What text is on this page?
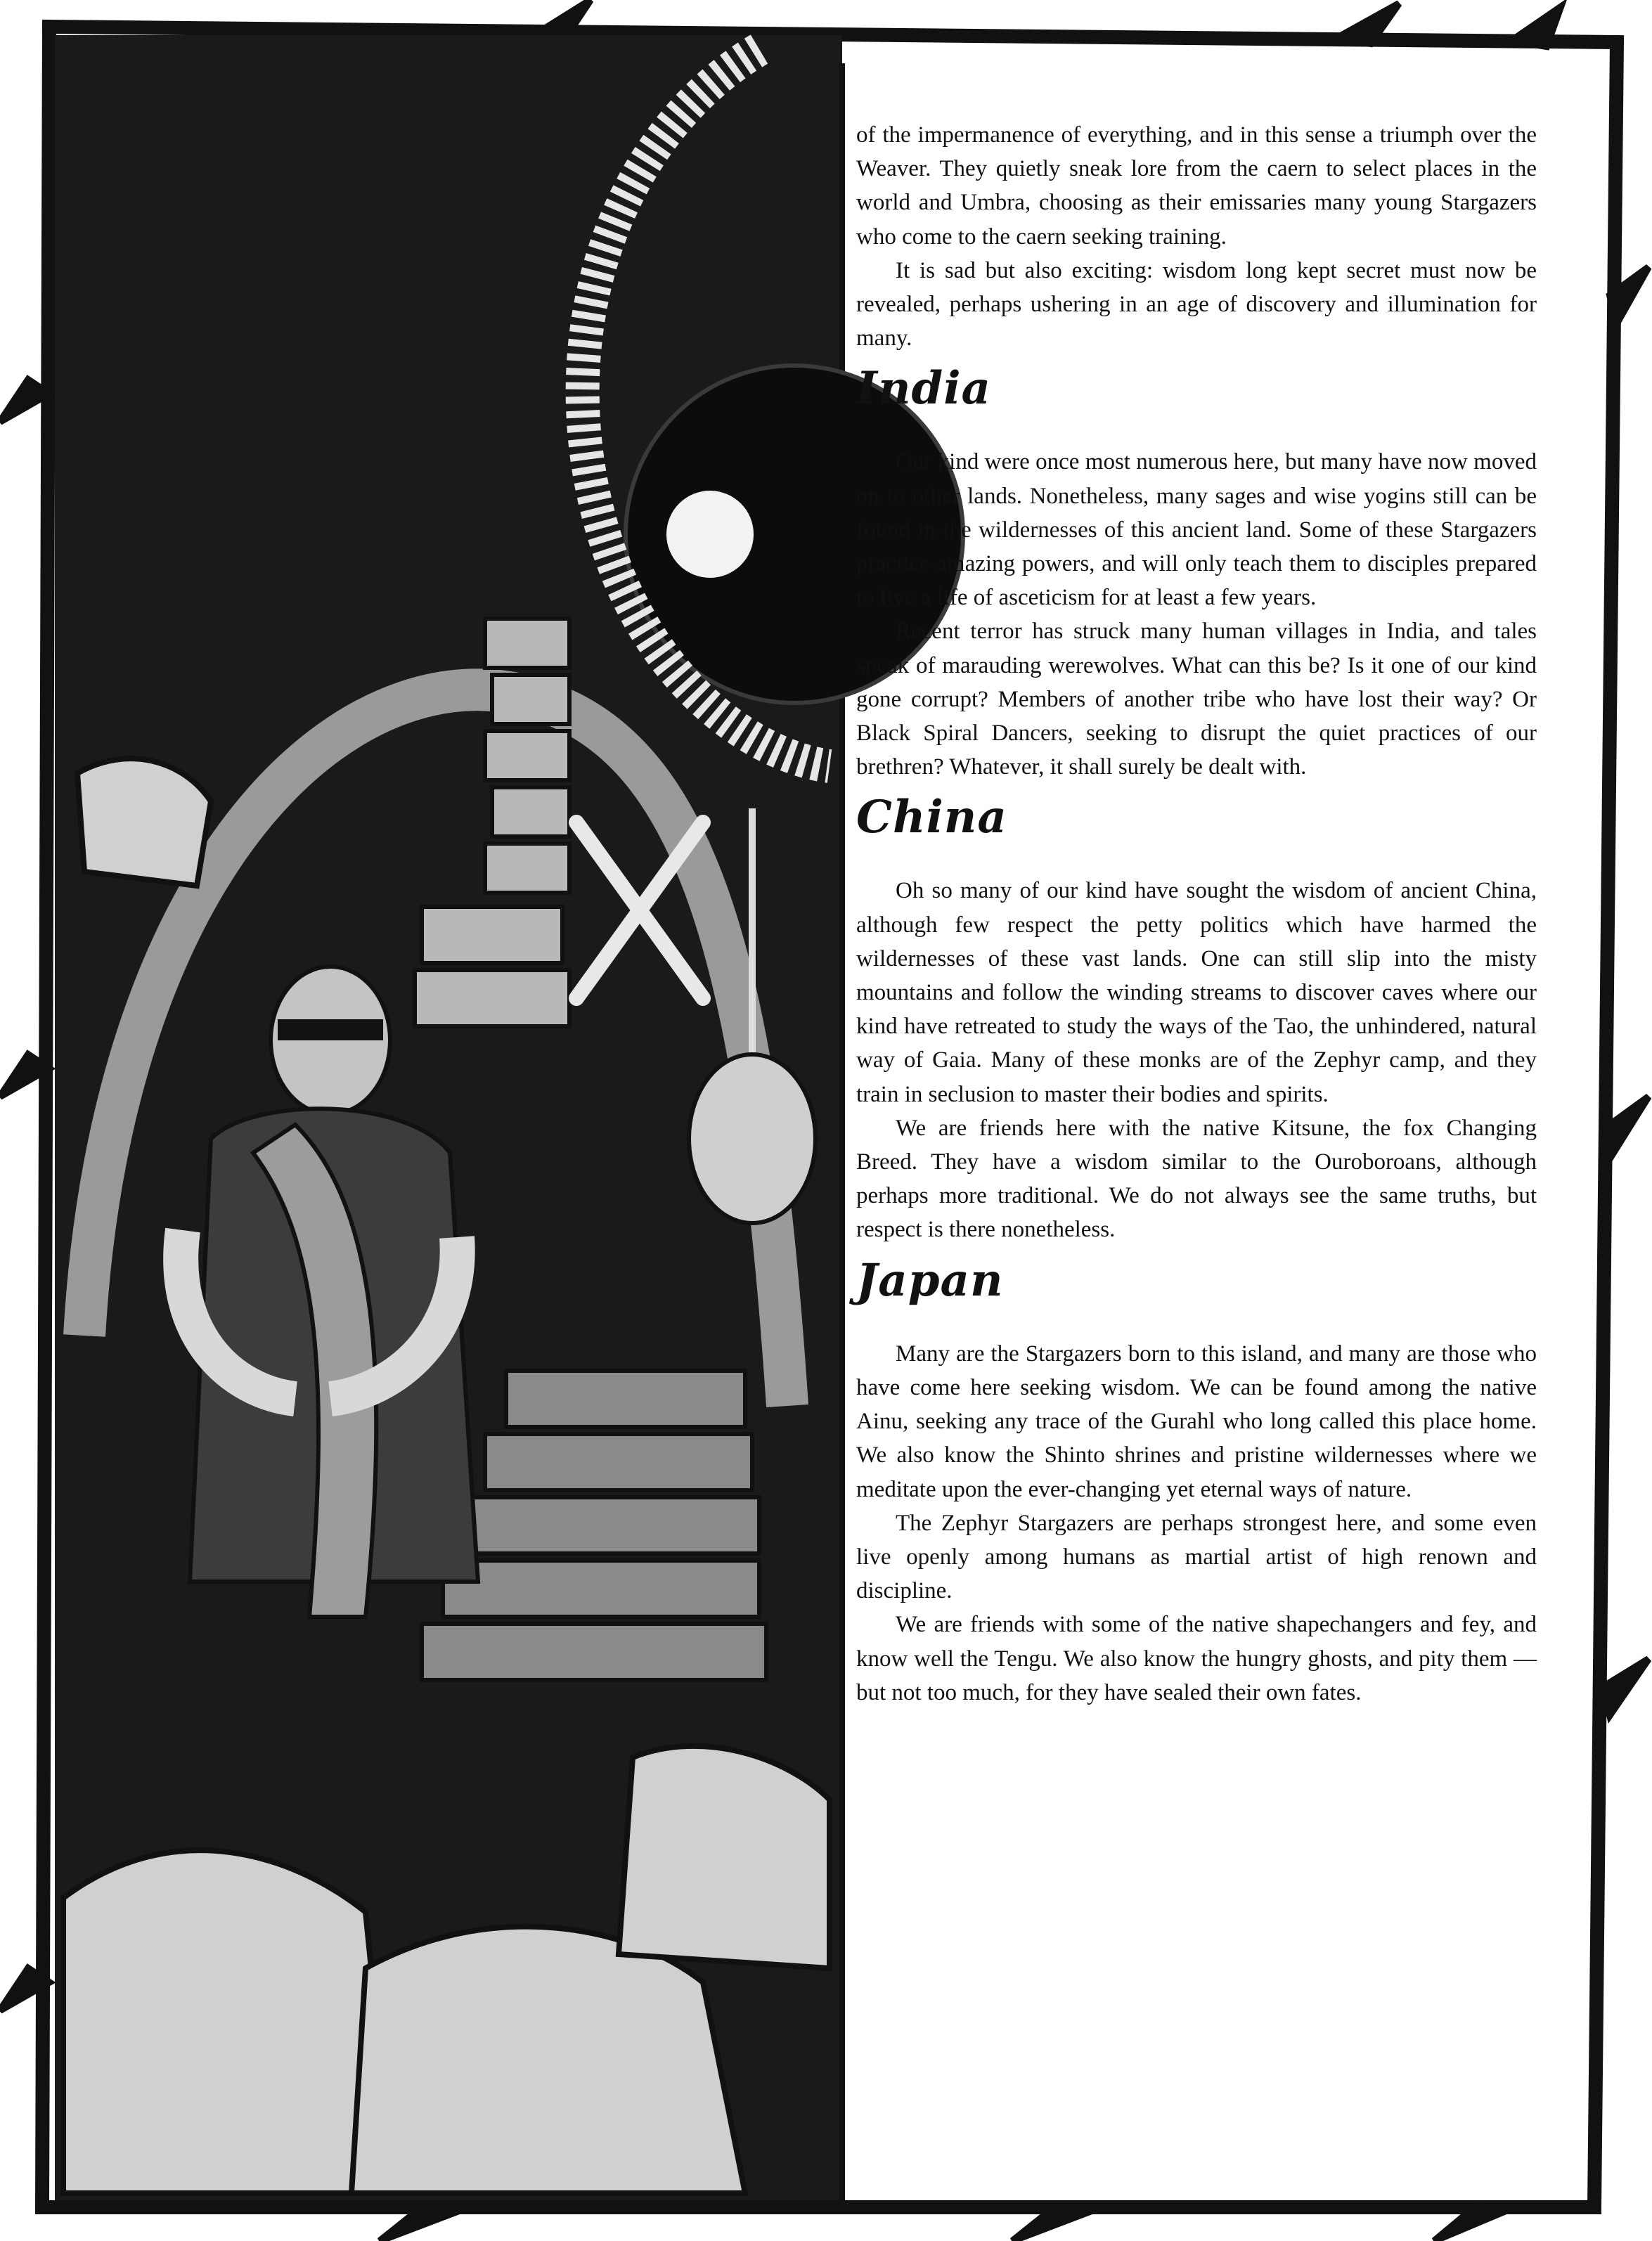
of the impermanence of everything, and in this sense a triumph over the Weaver. They quietly sneak lore from the caern to select places in the world and Umbra, choosing as their emissaries many young Stargazers who come to the caern seeking training.

It is sad but also exciting: wisdom long kept secret must now be revealed, perhaps ushering in an age of discovery and illumination for many.

India

Our kind were once most numerous here, but many have now moved on to other lands. Nonetheless, many sages and wise yogins still can be found in the wildernesses of this ancient land. Some of these Stargazers practice amazing powers, and will only teach them to disciples prepared to live a life of asceticism for at least a few years.

Recent terror has struck many human villages in India, and tales speak of marauding werewolves. What can this be? Is it one of our kind gone corrupt? Members of another tribe who have lost their way? Or Black Spiral Dancers, seeking to disrupt the quiet practices of our brethren? Whatever, it shall surely be dealt with.

China

Oh so many of our kind have sought the wisdom of ancient China, although few respect the petty politics which have harmed the wildernesses of these vast lands. One can still slip into the misty mountains and follow the winding streams to discover caves where our kind have retreated to study the ways of the Tao, the unhindered, natural way of Gaia. Many of these monks are of the Zephyr camp, and they train in seclusion to master their bodies and spirits.

We are friends here with the native Kitsune, the fox Changing Breed. They have a wisdom similar to the Ouroboroans, although perhaps more traditional. We do not always see the same truths, but respect is there nonetheless.

Japan

Many are the Stargazers born to this island, and many are those who have come here seeking wisdom. We can be found among the native Ainu, seeking any trace of the Gurahl who long called this place home. We also know the Shinto shrines and pristine wildernesses where we meditate upon the ever-changing yet eternal ways of nature.

The Zephyr Stargazers are perhaps strongest here, and some even live openly among humans as martial artist of high renown and discipline.

We are friends with some of the native shapechangers and fey, and know well the Tengu. We also know the hungry ghosts, and pity them — but not too much, for they have sealed their own fates.
